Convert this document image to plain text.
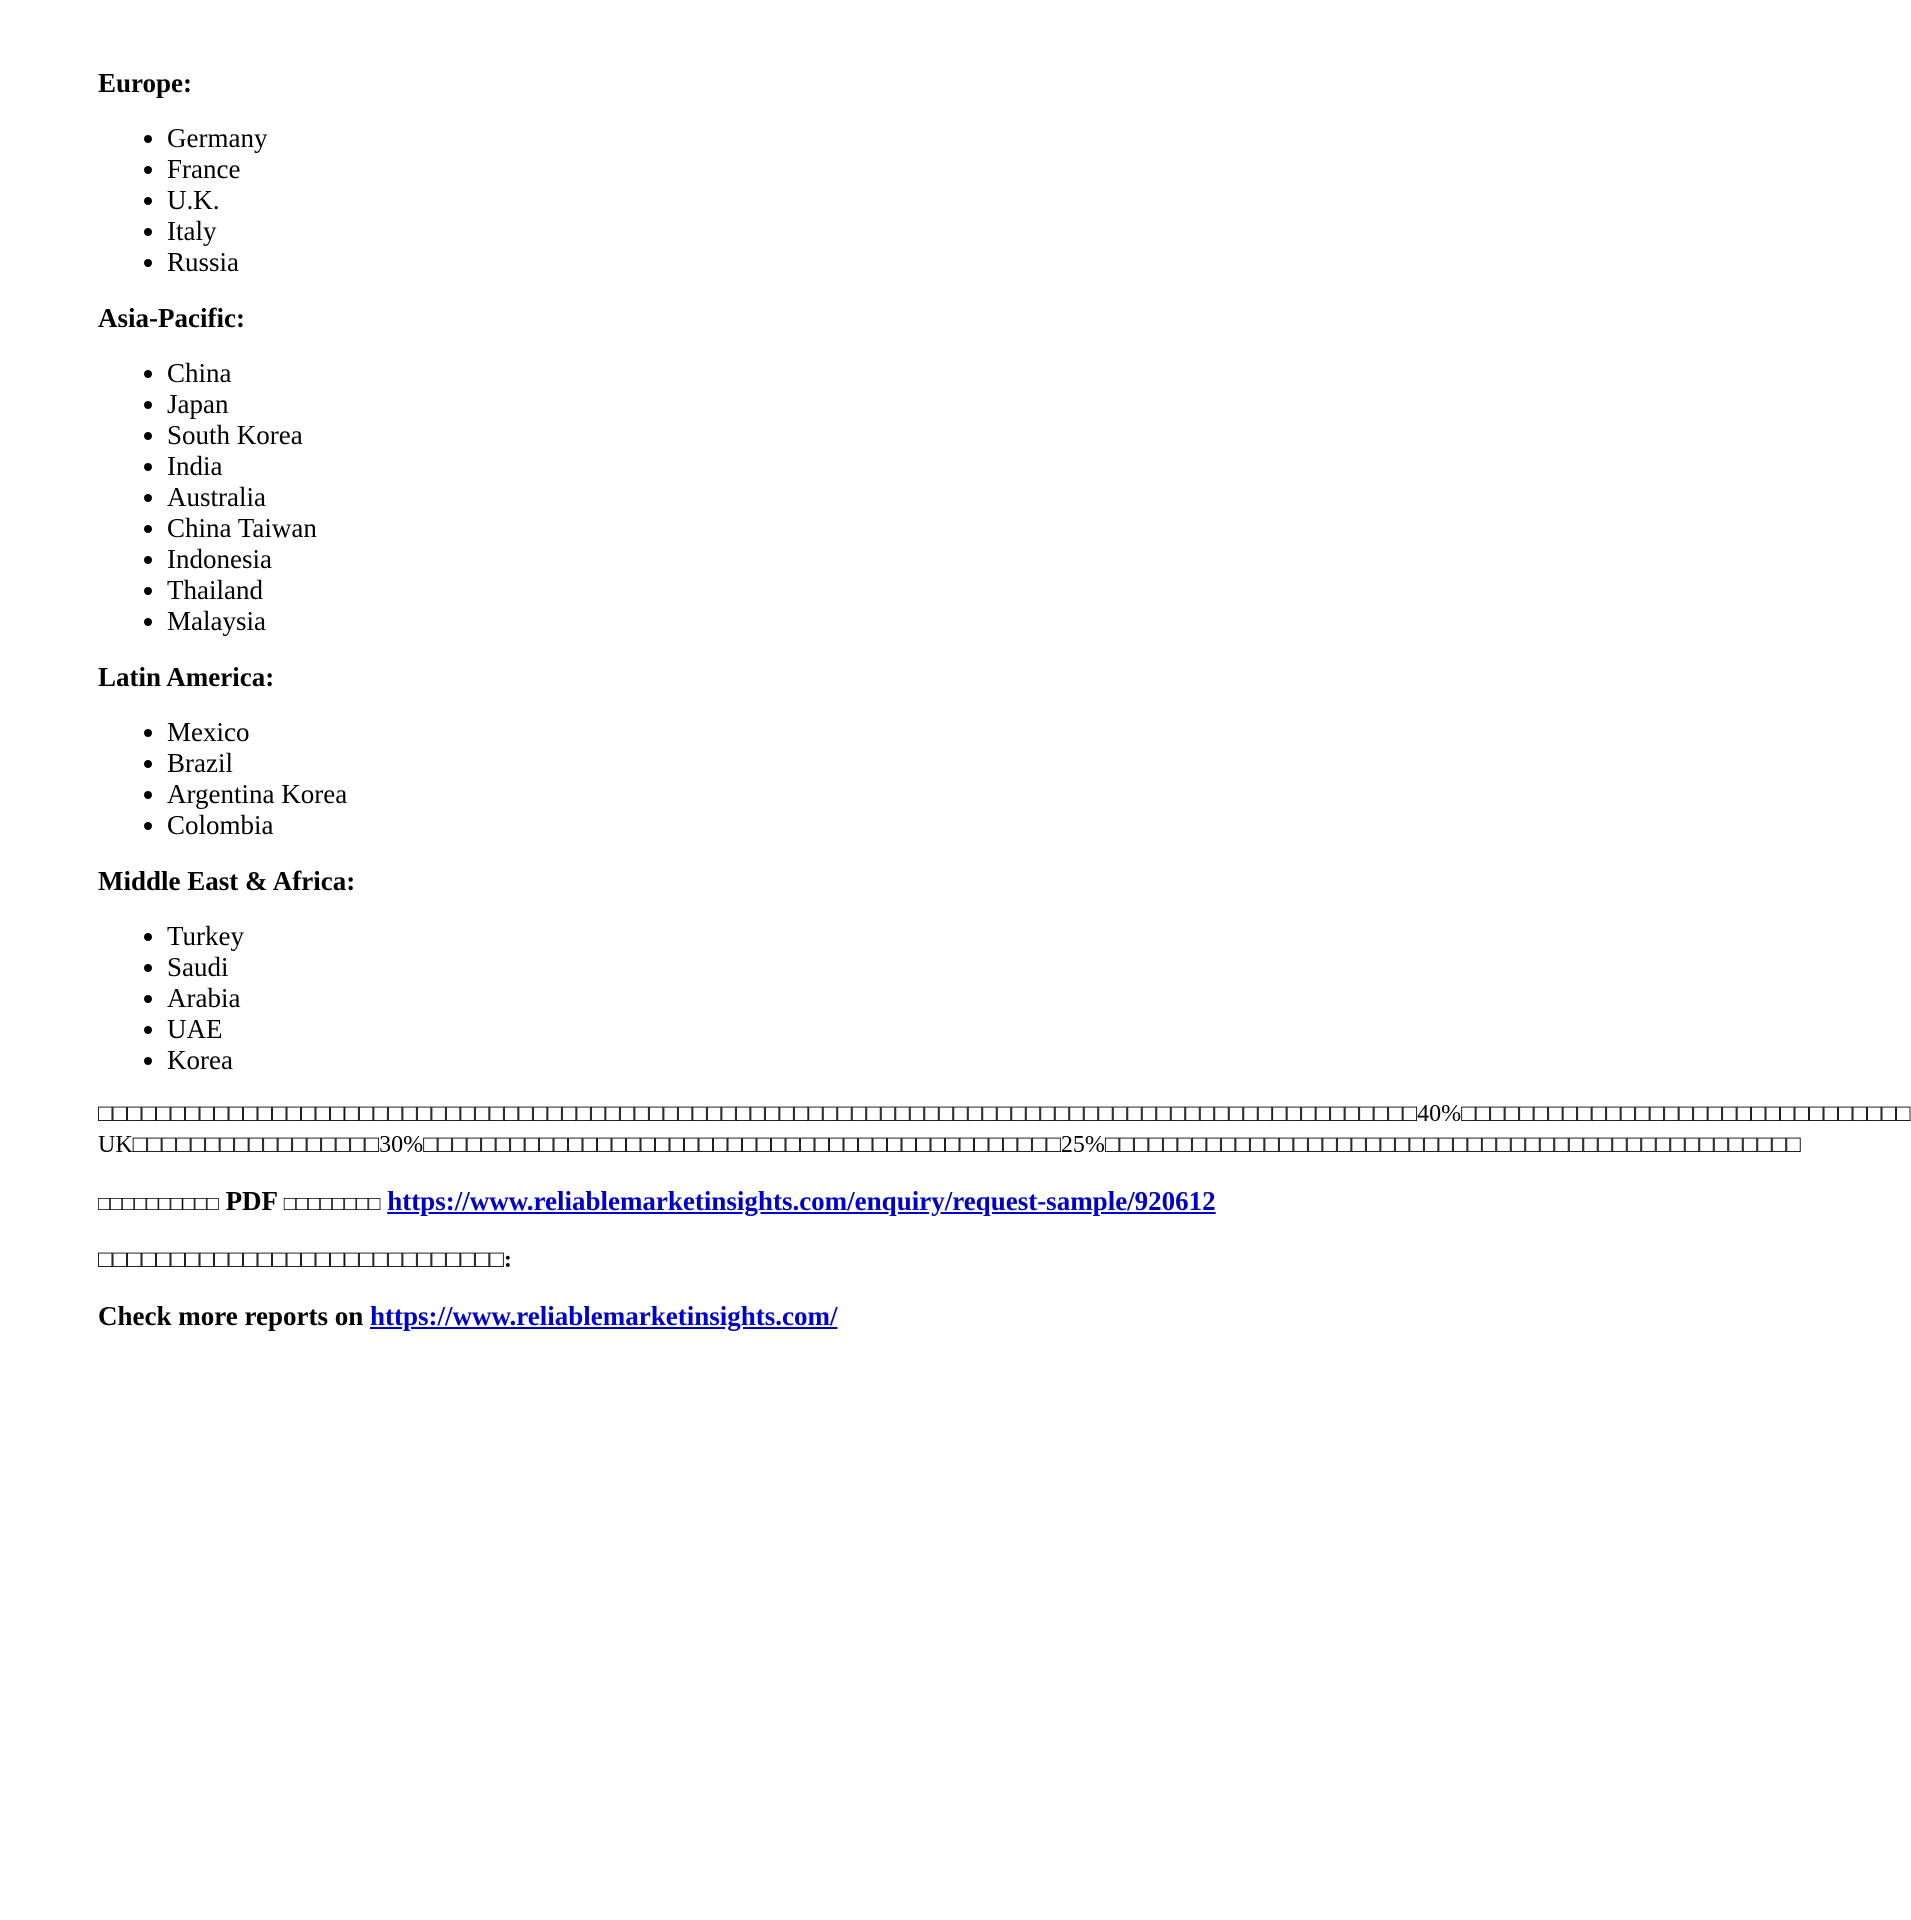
Europe:
• Germany
• France
• U.K.
• Italy
• Russia
Asia-Pacific:
• China
• Japan
• South Korea
• India
• Australia
• China Taiwan
• Indonesia
• Thailand
• Malaysia
Latin America:
• Mexico
• Brazil
• Argentina Korea
• Colombia
Middle East & Africa:
• Turkey
• Saudi
• Arabia
• UAE
• Korea
□□□□□□□□□□□□□□□□□□□□□□□□□□□□□□□□□□□□□□□□□□□□□□□□□□□□□□□□□□□□□□□□□□□□□□□□□□□□□□□□□□□□□□□□□□□40%□□□□□□□□□□□□□□□□□□□□□□□□□□□□□□□
UK□□□□□□□□□□□□□□□□□30%□□□□□□□□□□□□□□□□□□□□□□□□□□□□□□□□□□□□□□□□□□□□25%□□□□□□□□□□□□□□□□□□□□□□□□□□□□□□□□□□□□□□□□□□□□□□□□
□□□□□□□□□□ PDF □□□□□□□□ https://www.reliablemarketinsights.com/enquiry/request-sample/920612
□□□□□□□□□□□□□□□□□□□□□□□□□□□□:
Check more reports on https://www.reliablemarketinsights.com/
